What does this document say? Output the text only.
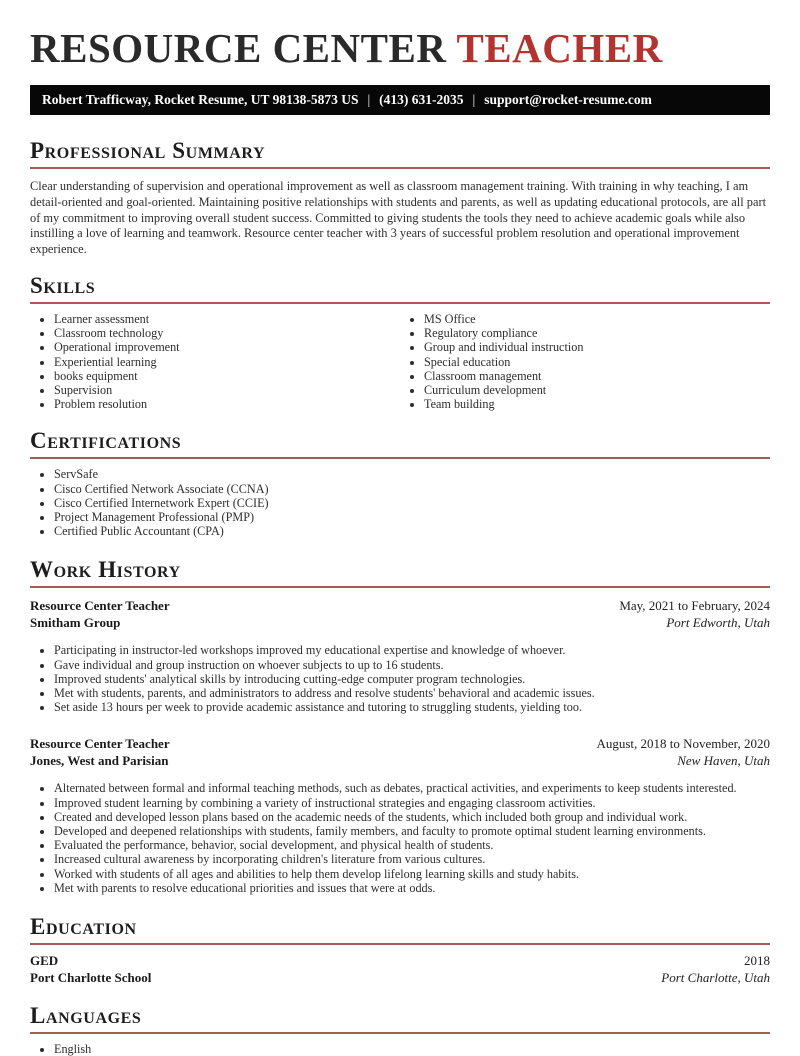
RESOURCE CENTER TEACHER
Robert Trafficway, Rocket Resume, UT 98138-5873 US | (413) 631-2035 | support@rocket-resume.com
Professional Summary

Clear understanding of supervision and operational improvement as well as classroom management training. With training in why teaching, I am detail-oriented and goal-oriented. Maintaining positive relationships with students and parents, as well as updating educational protocols, are all part of my commitment to improving overall student success. Committed to giving students the tools they need to achieve academic goals while also instilling a love of learning and teamwork. Resource center teacher with 3 years of successful problem resolution and operational improvement experience.

Skills
• Learner assessment
• Classroom technology
• Operational improvement
• Experiential learning
• books equipment
• Supervision
• Problem resolution
• MS Office
• Regulatory compliance
• Group and individual instruction
• Special education
• Classroom management
• Curriculum development
• Team building
Certifications
• ServSafe
• Cisco Certified Network Associate (CCNA)
• Cisco Certified Internetwork Expert (CCIE)
• Project Management Professional (PMP)
• Certified Public Accountant (CPA)
Work History
Resource Center Teacher	May, 2021 to February, 2024
Smitham Group	Port Edworth, Utah
• Participating in instructor-led workshops improved my educational expertise and knowledge of whoever.
• Gave individual and group instruction on whoever subjects to up to 16 students.
• Improved students' analytical skills by introducing cutting-edge computer program technologies.
• Met with students, parents, and administrators to address and resolve students' behavioral and academic issues.
• Set aside 13 hours per week to provide academic assistance and tutoring to struggling students, yielding too.
Resource Center Teacher	August, 2018 to November, 2020
Jones, West and Parisian	New Haven, Utah
• Alternated between formal and informal teaching methods, such as debates, practical activities, and experiments to keep students interested.
• Improved student learning by combining a variety of instructional strategies and engaging classroom activities.
• Created and developed lesson plans based on the academic needs of the students, which included both group and individual work.
• Developed and deepened relationships with students, family members, and faculty to promote optimal student learning environments.
• Evaluated the performance, behavior, social development, and physical health of students.
• Increased cultural awareness by incorporating children's literature from various cultures.
• Worked with students of all ages and abilities to help them develop lifelong learning skills and study habits.
• Met with parents to resolve educational priorities and issues that were at odds.
Education
GED	2018
Port Charlotte School	Port Charlotte, Utah
Languages
• English
